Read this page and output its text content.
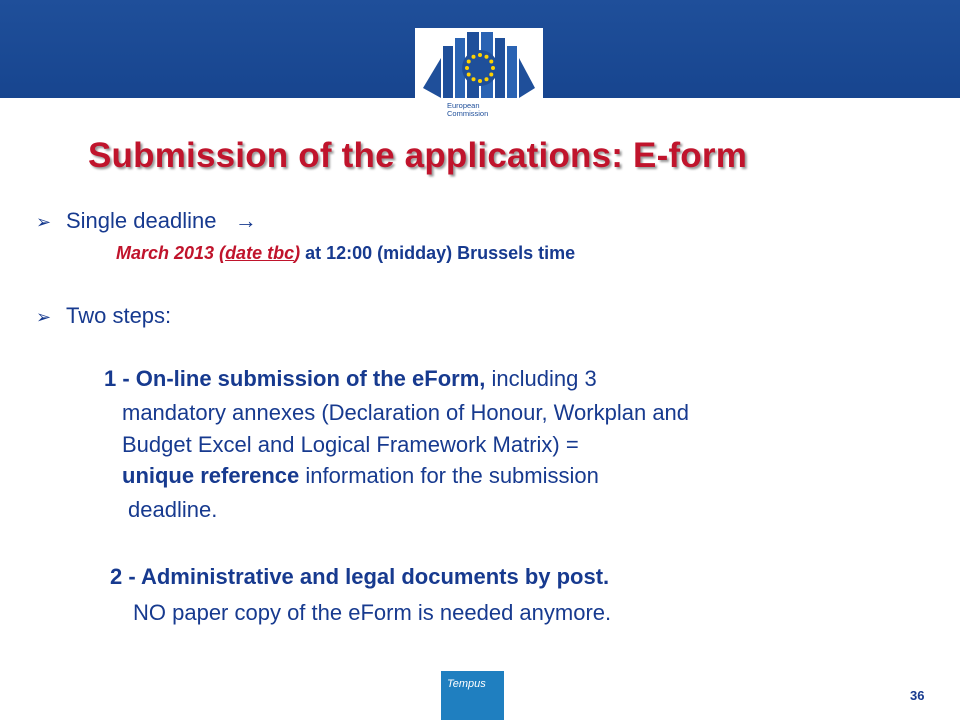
European
Commission
Submission of the applications: E-form
➢ Single deadline →
March 2013 (date tbc) at 12:00 (midday) Brussels time
➢ Two steps:
1 - On-line submission of the eForm, including 3
mandatory annexes (Declaration of Honour, Workplan and
Budget Excel and Logical Framework Matrix) =
unique reference information for the submission
deadline.
2 - Administrative and legal documents by post.
NO paper copy of the eForm is needed anymore.
Tempus
36
